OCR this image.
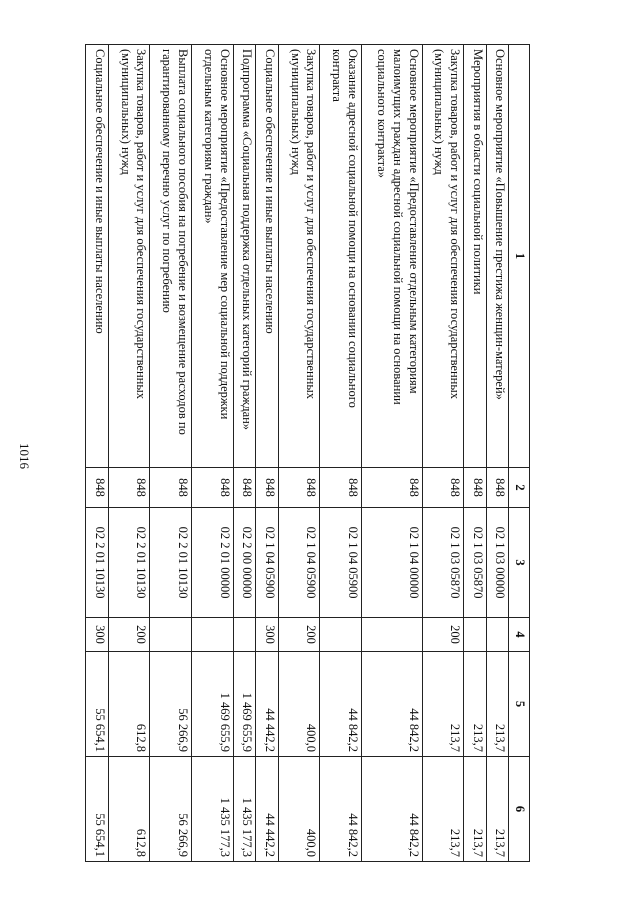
1016
1	2	3	4	5	6
Основное мероприятие «Повышение престижа женщин-матерей»	848	02 1 03 00000		213,7	213,7
Мероприятия в области социальной политики	848	02 1 03 05870		213,7	213,7
Закупка товаров, работ и услуг для обеспечения государственных (муниципальных) нужд	848	02 1 03 05870	200	213,7	213,7
Основное мероприятие «Предоставление отдельным категориям малоимущих граждан адресной социальной помощи на основании социального контракта»	848	02 1 04 00000		44 842,2	44 842,2
Оказание адресной социальной помощи на основании социального контракта	848	02 1 04 05900		44 842,2	44 842,2
Закупка товаров, работ и услуг для обеспечения государственных (муниципальных) нужд	848	02 1 04 05900	200	400,0	400,0
Социальное обеспечение и иные выплаты населению	848	02 1 04 05900	300	44 442,2	44 442,2
Подпрограмма «Социальная поддержка отдельных категорий граждан»	848	02 2 00 00000		1 469 655,9	1 435 177,3
Основное мероприятие «Предоставление мер социальной поддержки отдельным категориям граждан»	848	02 2 01 00000		1 469 655,9	1 435 177,3
Выплата социального пособия на погребение и возмещение расходов по гарантированному перечню услуг по погребению	848	02 2 01 10130		56 266,9	56 266,9
Закупка товаров, работ и услуг для обеспечения государственных (муниципальных) нужд	848	02 2 01 10130	200	612,8	612,8
Социальное обеспечение и иные выплаты населению	848	02 2 01 10130	300	55 654,1	55 654,1
